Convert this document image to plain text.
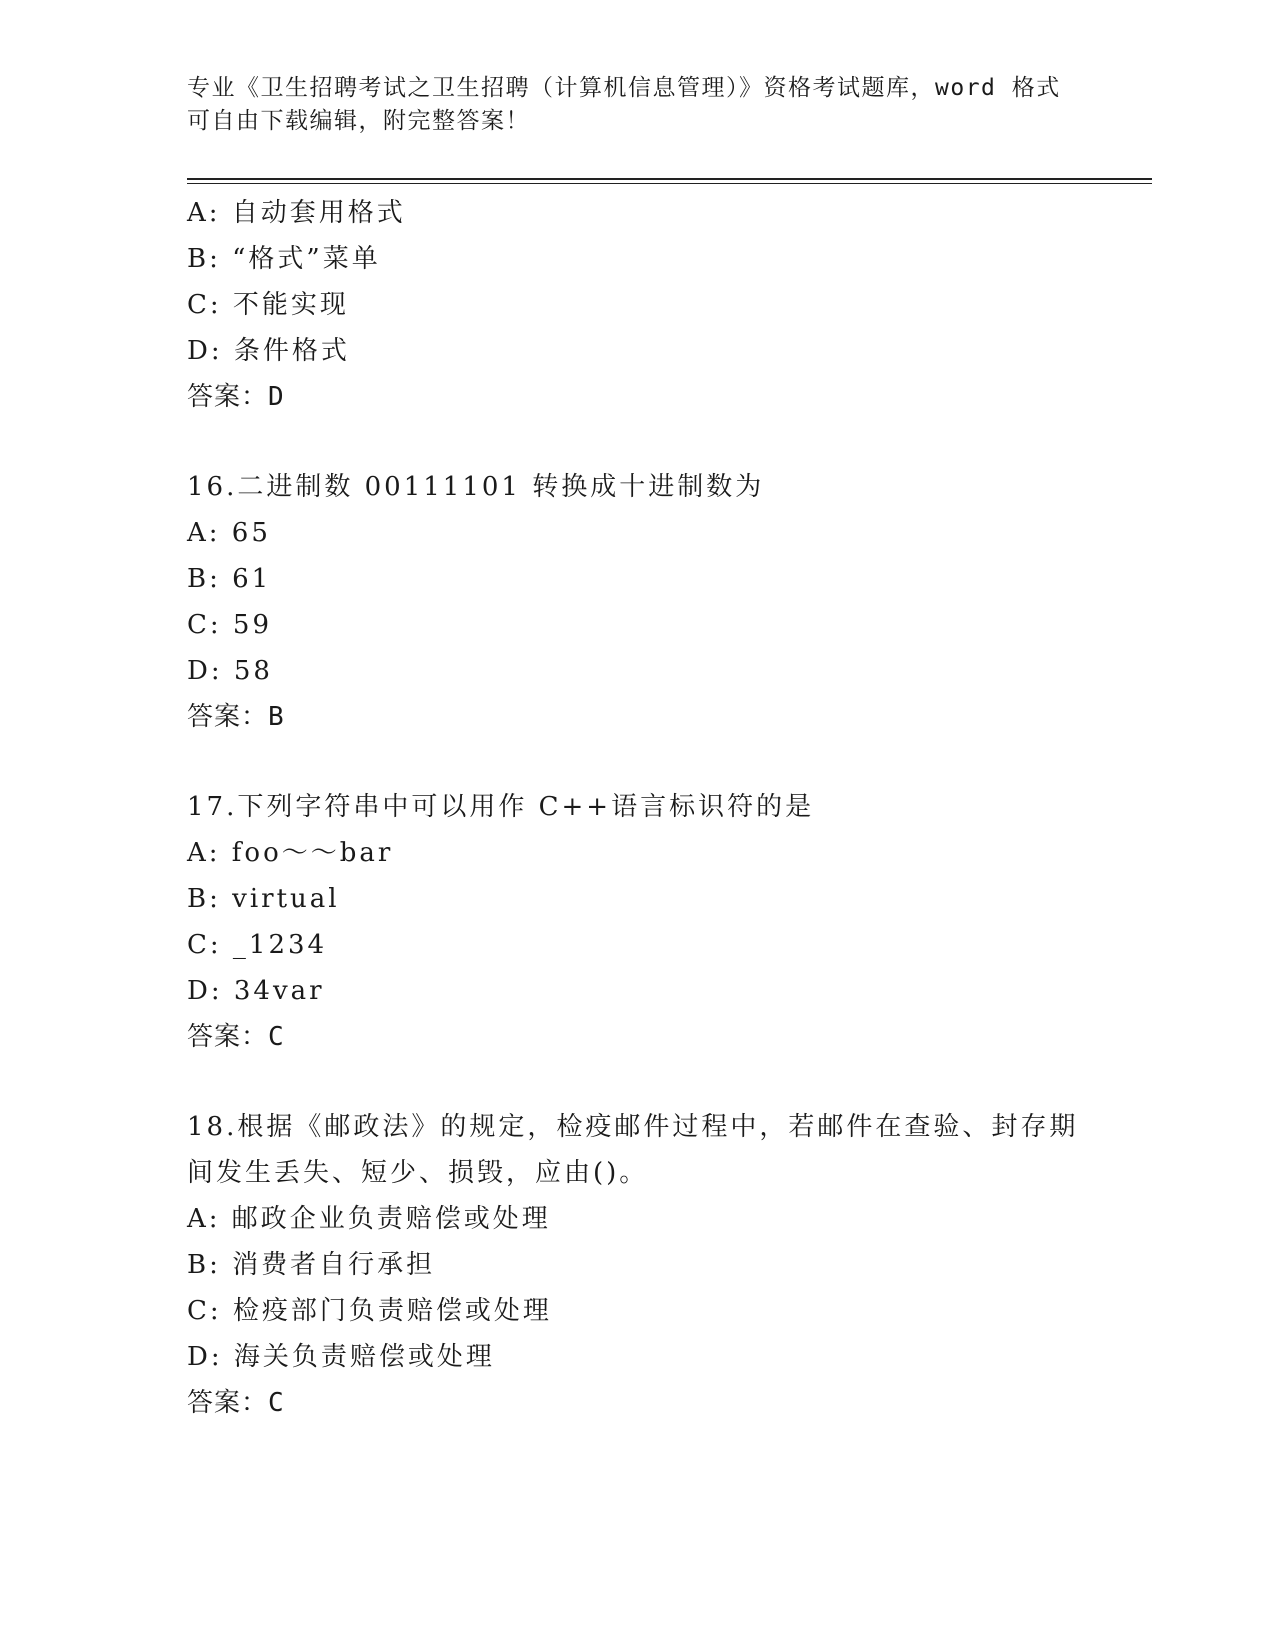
专业《卫生招聘考试之卫生招聘（计算机信息管理）》资格考试题库，word 格式

可自由下载编辑，附完整答案！

A: 自动套用格式
B: “格式”菜单
C: 不能实现
D: 条件格式
答案：D
16.二进制数 00111101 转换成十进制数为
A: 65
B: 61
C: 59
D: 58
答案：B
17.下列字符串中可以用作 C++语言标识符的是
A: foo～～bar
B: virtual
C: _1234
D: 34var
答案：C
18.根据《邮政法》的规定，检疫邮件过程中，若邮件在查验、封存期
间发生丢失、短少、损毁，应由()。
A: 邮政企业负责赔偿或处理
B: 消费者自行承担
C: 检疫部门负责赔偿或处理
D: 海关负责赔偿或处理
答案：C
